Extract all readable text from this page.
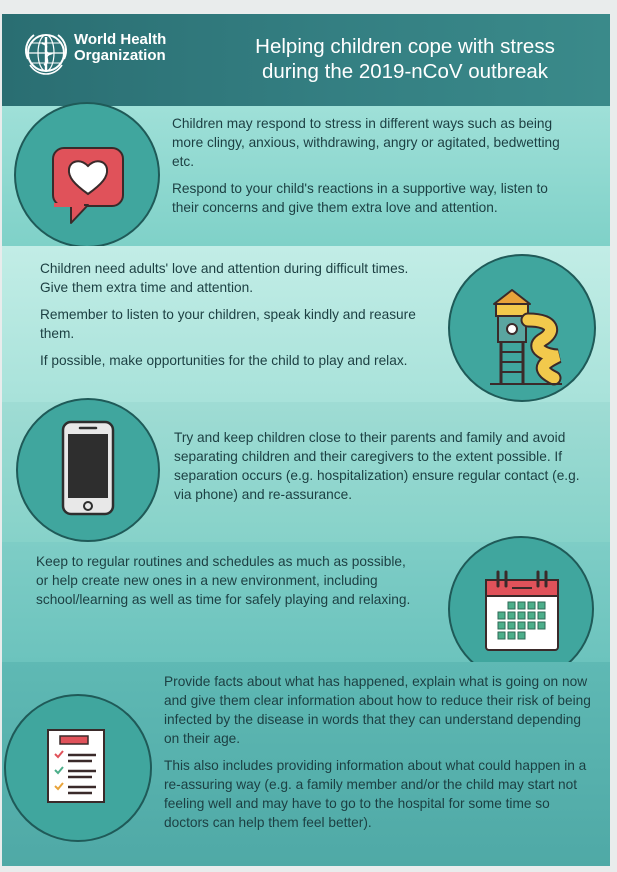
World Health
Organization	Helping children cope with stress
during the 2019-nCoV outbreak

Children may respond to stress in different ways such as being more clingy, anxious, withdrawing, angry or agitated, bedwetting etc.

Respond to your child's reactions in a supportive way, listen to their concerns and give them extra love and attention.

Children need adults' love and attention during difficult times. Give them extra time and attention.

Remember to listen to your children, speak kindly and reasure them.

If possible, make opportunities for the child to play and relax.

Try and keep children close to their parents and family and avoid separating children and their caregivers to the extent possible. If separation occurs (e.g. hospitalization) ensure regular contact (e.g. via phone) and re-assurance.

Keep to regular routines and schedules as much as possible, or help create new ones in a new environment, including school/learning as well as time for safely playing and relaxing.

Provide facts about what has happened, explain what is going on now and give them clear information about how to reduce their risk of being infected by the disease in words that they can understand depending on their age.

This also includes providing information about what could happen in a re-assuring way (e.g. a family member and/or the child may start not feeling well and may have to go to the hospital for some time so doctors can help them feel better).
